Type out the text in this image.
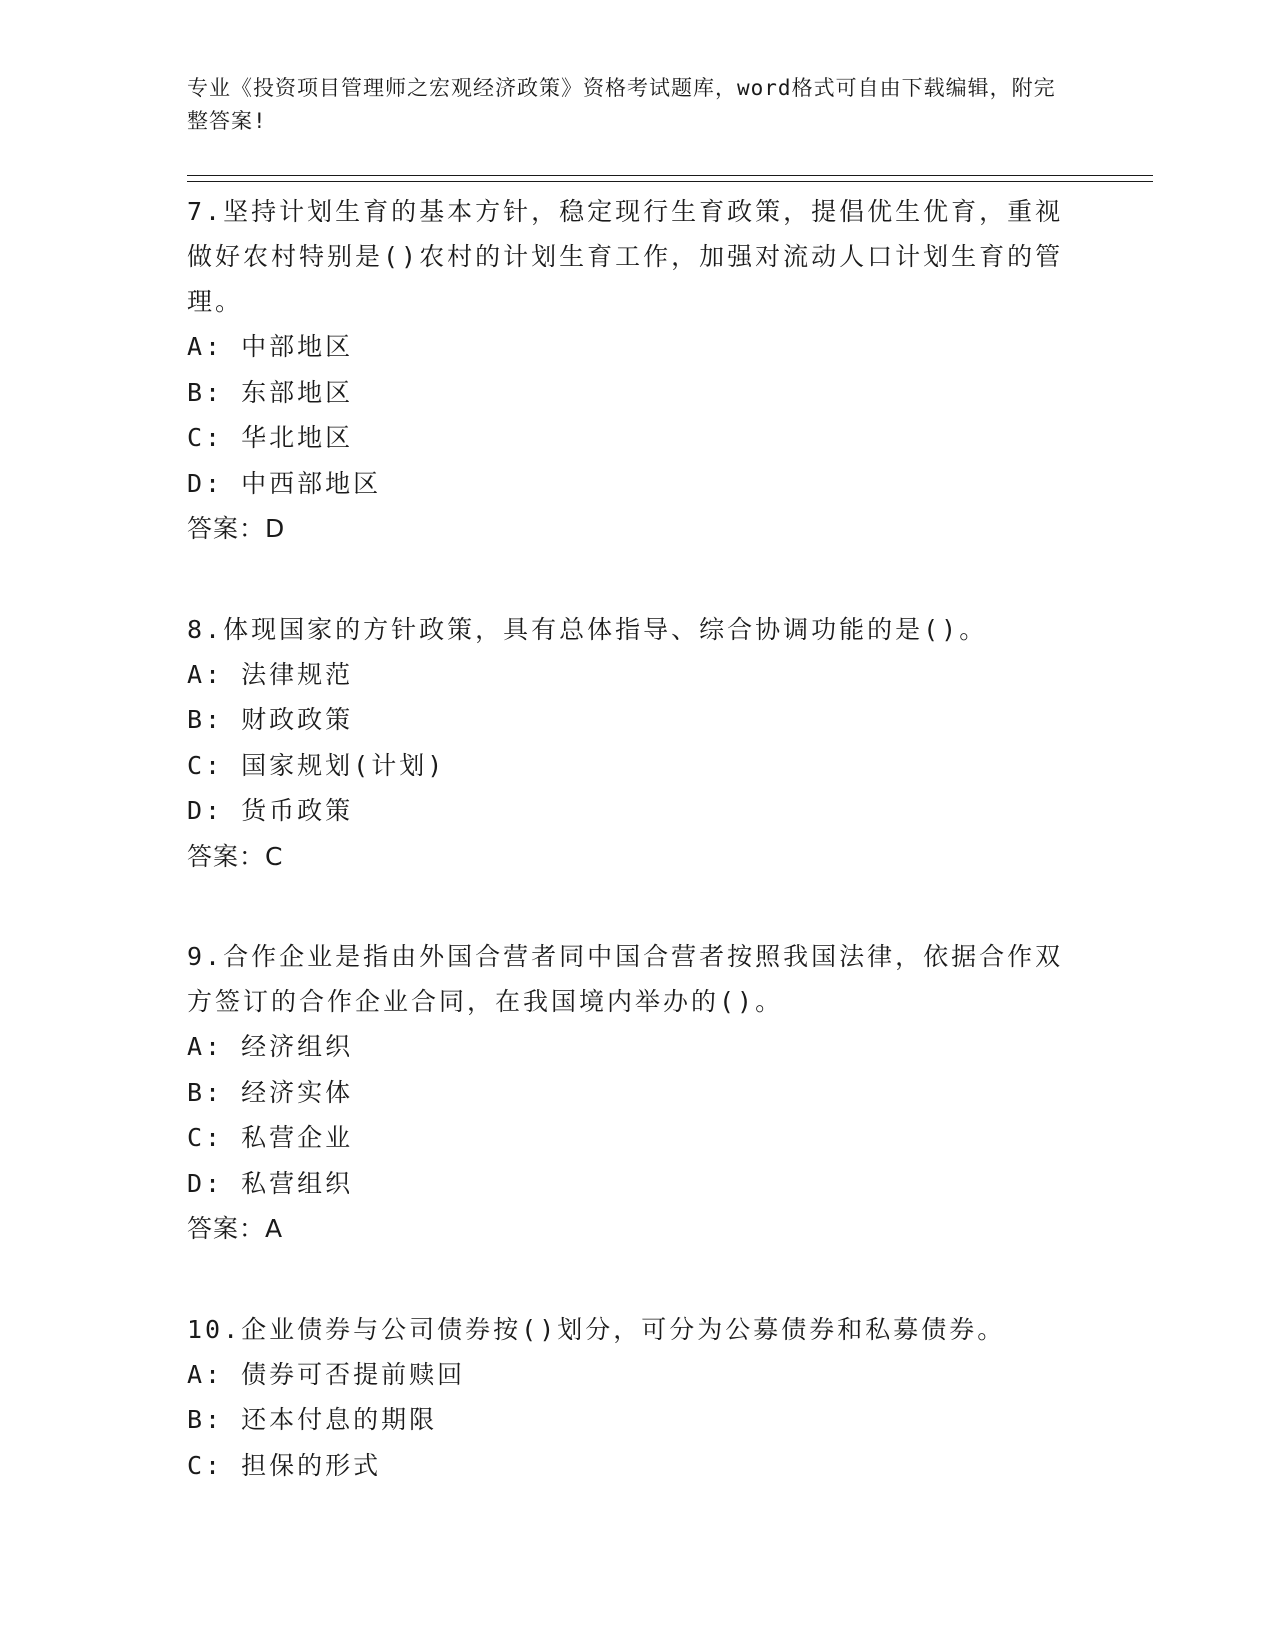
专业《投资项目管理师之宏观经济政策》资格考试题库，word格式可自由下载编辑，附完整答案!
7.坚持计划生育的基本方针，稳定现行生育政策，提倡优生优育，重视做好农村特别是()农村的计划生育工作，加强对流动人口计划生育的管理。
A: 中部地区
B: 东部地区
C: 华北地区
D: 中西部地区
答案：D
8.体现国家的方针政策，具有总体指导、综合协调功能的是()。
A: 法律规范
B: 财政政策
C: 国家规划(计划)
D: 货币政策
答案：C
9.合作企业是指由外国合营者同中国合营者按照我国法律，依据合作双方签订的合作企业合同，在我国境内举办的()。
A: 经济组织
B: 经济实体
C: 私营企业
D: 私营组织
答案：A
10.企业债券与公司债券按()划分，可分为公募债券和私募债券。
A: 债券可否提前赎回
B: 还本付息的期限
C: 担保的形式
